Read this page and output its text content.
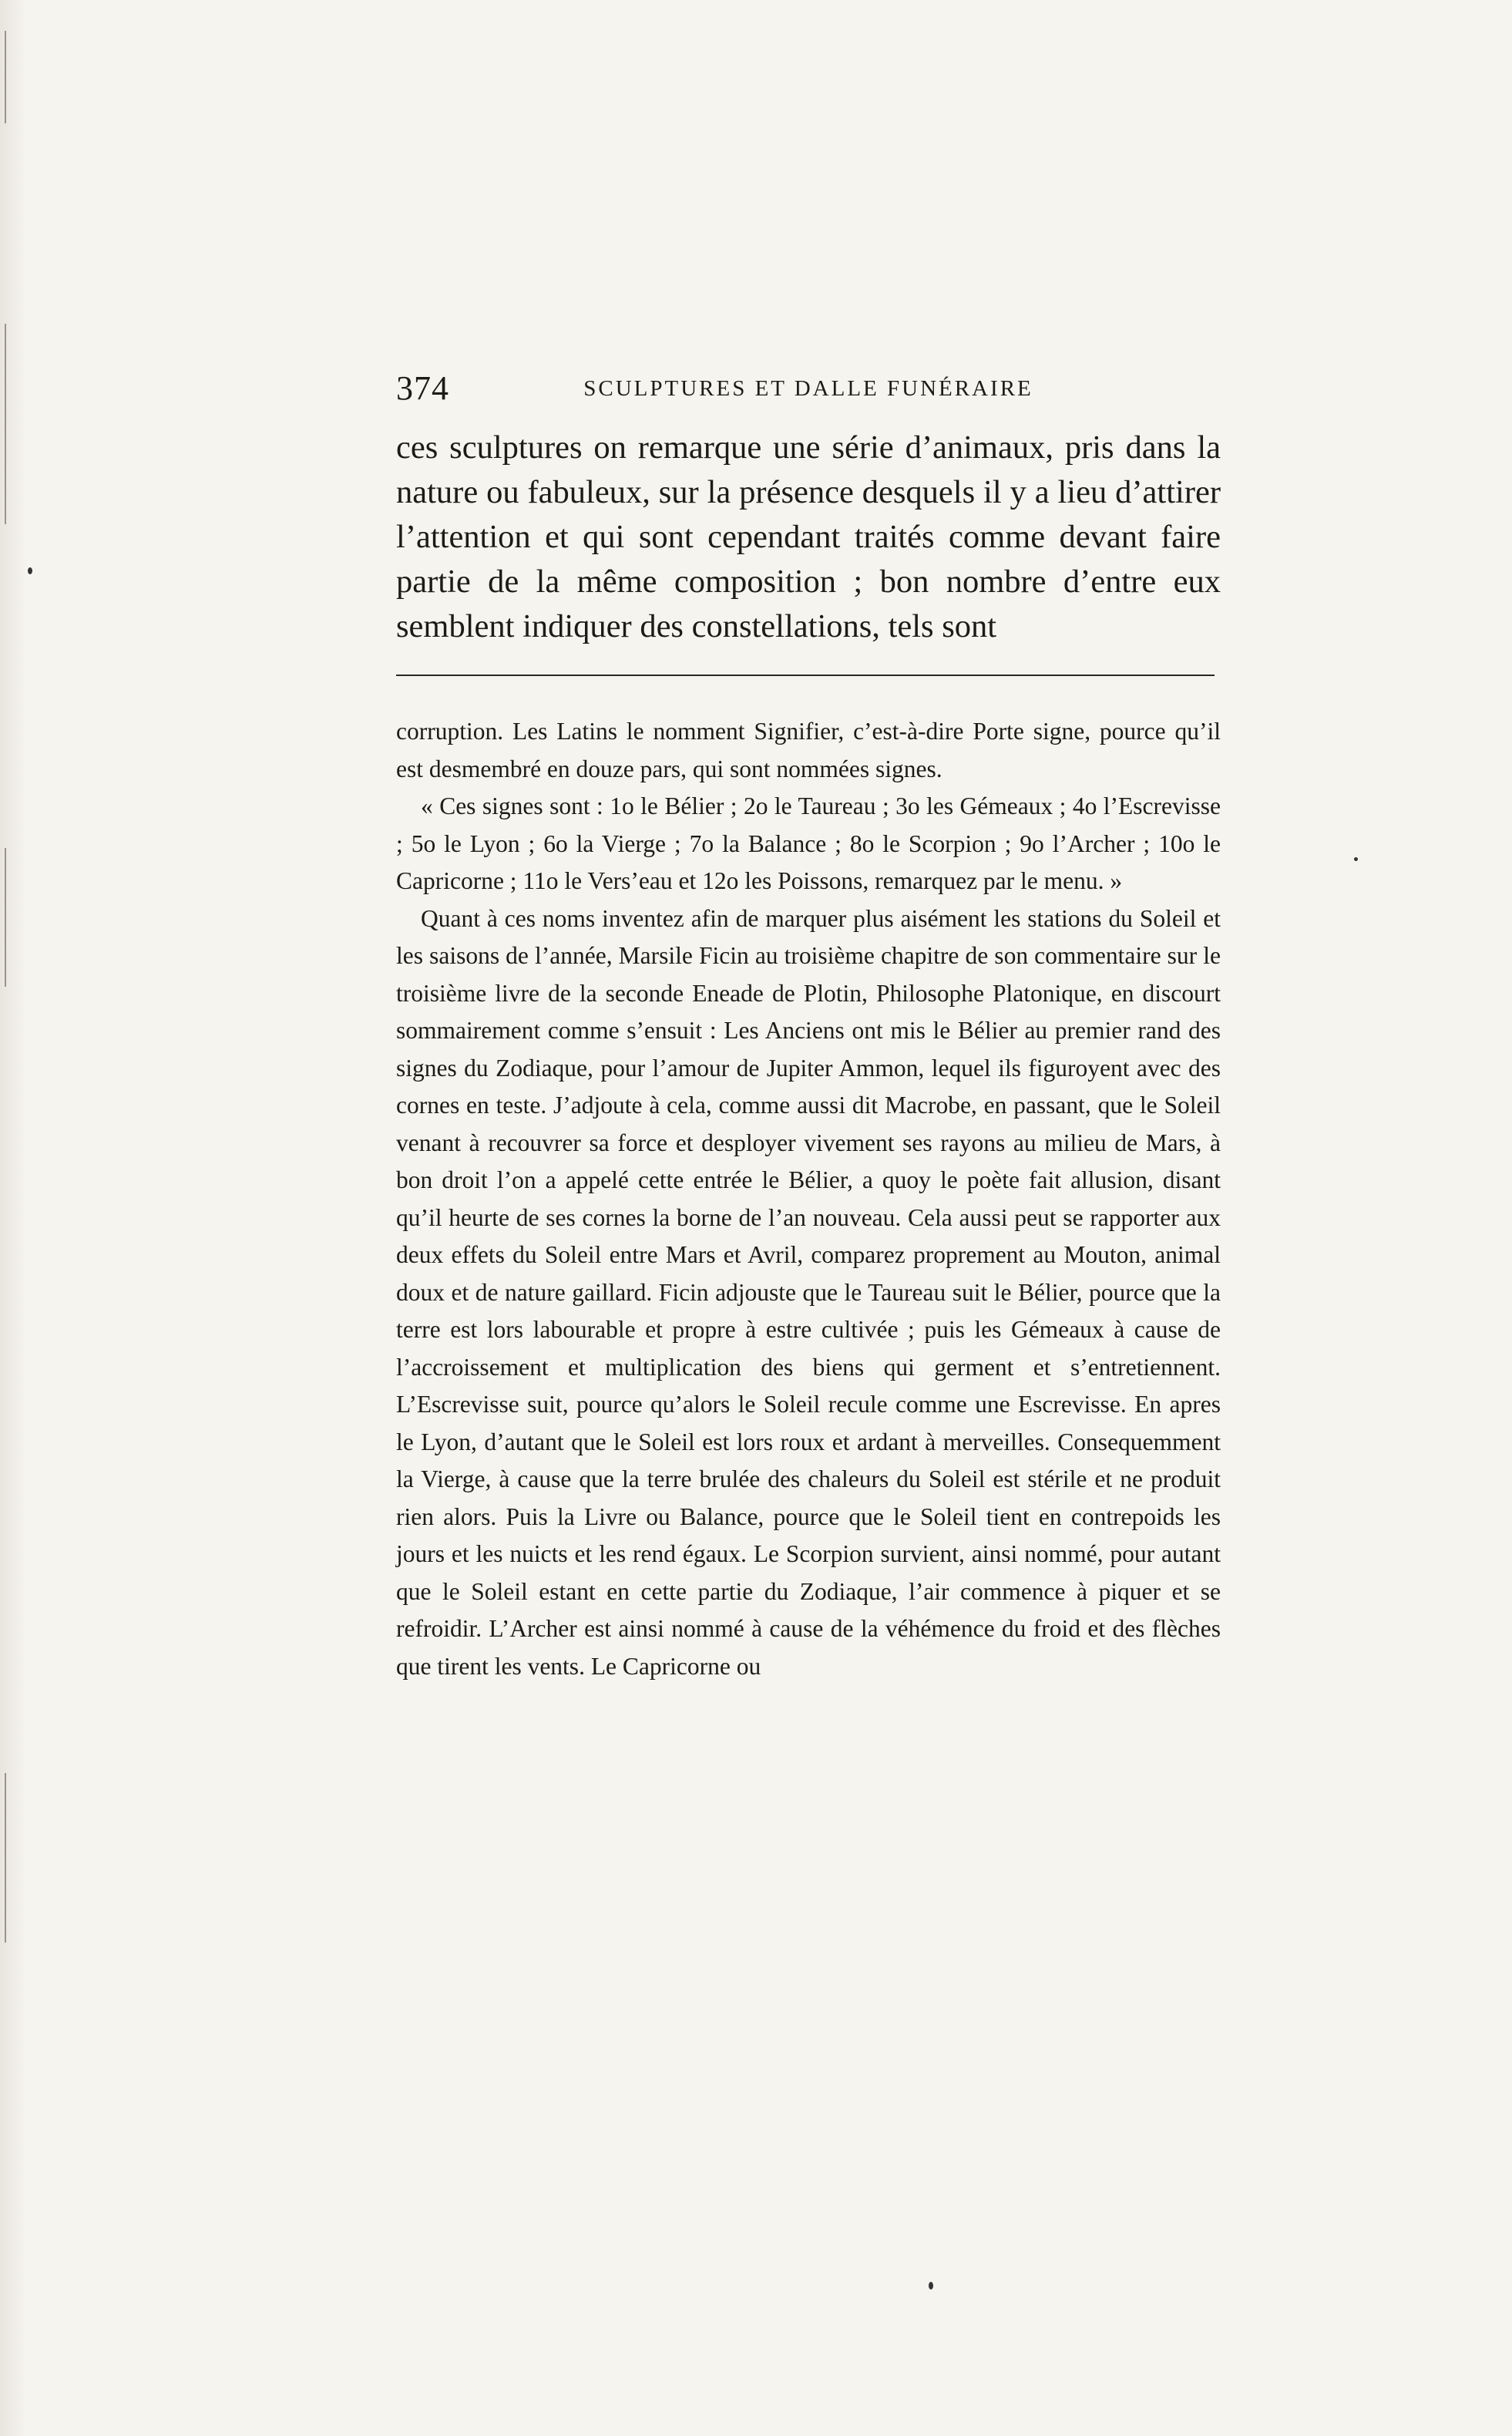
374	SCULPTURES ET DALLE FUNÉRAIRE

ces sculptures on remarque une série d’animaux, pris dans la nature ou fabuleux, sur la présence desquels il y a lieu d’attirer l’attention et qui sont cependant traités comme devant faire partie de la même composition ; bon nombre d’entre eux semblent indiquer des constellations, tels sont

corruption. Les Latins le nomment Signifier, c’est-à-dire Porte signe, pource qu’il est desmembré en douze pars, qui sont nommées signes.

« Ces signes sont : 1o le Bélier ; 2o le Taureau ; 3o les Gémeaux ; 4o l’Escrevisse ; 5o le Lyon ; 6o la Vierge ; 7o la Balance ; 8o le Scorpion ; 9o l’Archer ; 10o le Capricorne ; 11o le Vers’eau et 12o les Poissons, remarquez par le menu. »

Quant à ces noms inventez afin de marquer plus aisément les stations du Soleil et les saisons de l’année, Marsile Ficin au troisième chapitre de son commentaire sur le troisième livre de la seconde Eneade de Plotin, Philosophe Platonique, en discourt sommairement comme s’ensuit : Les Anciens ont mis le Bélier au premier rand des signes du Zodiaque, pour l’amour de Jupiter Ammon, lequel ils figuroyent avec des cornes en teste. J’adjoute à cela, comme aussi dit Macrobe, en passant, que le Soleil venant à recouvrer sa force et desployer vivement ses rayons au milieu de Mars, à bon droit l’on a appelé cette entrée le Bélier, a quoy le poète fait allusion, disant qu’il heurte de ses cornes la borne de l’an nouveau. Cela aussi peut se rapporter aux deux effets du Soleil entre Mars et Avril, comparez proprement au Mouton, animal doux et de nature gaillard. Ficin adjouste que le Taureau suit le Bélier, pource que la terre est lors labourable et propre à estre cultivée ; puis les Gémeaux à cause de l’accroissement et multiplication des biens qui germent et s’entretiennent. L’Escrevisse suit, pource qu’alors le Soleil recule comme une Escrevisse. En apres le Lyon, d’autant que le Soleil est lors roux et ardant à merveilles. Consequemment la Vierge, à cause que la terre brulée des chaleurs du Soleil est stérile et ne produit rien alors. Puis la Livre ou Balance, pource que le Soleil tient en contrepoids les jours et les nuicts et les rend égaux. Le Scorpion survient, ainsi nommé, pour autant que le Soleil estant en cette partie du Zodiaque, l’air commence à piquer et se refroidir. L’Archer est ainsi nommé à cause de la véhémence du froid et des flèches que tirent les vents. Le Capricorne ou
